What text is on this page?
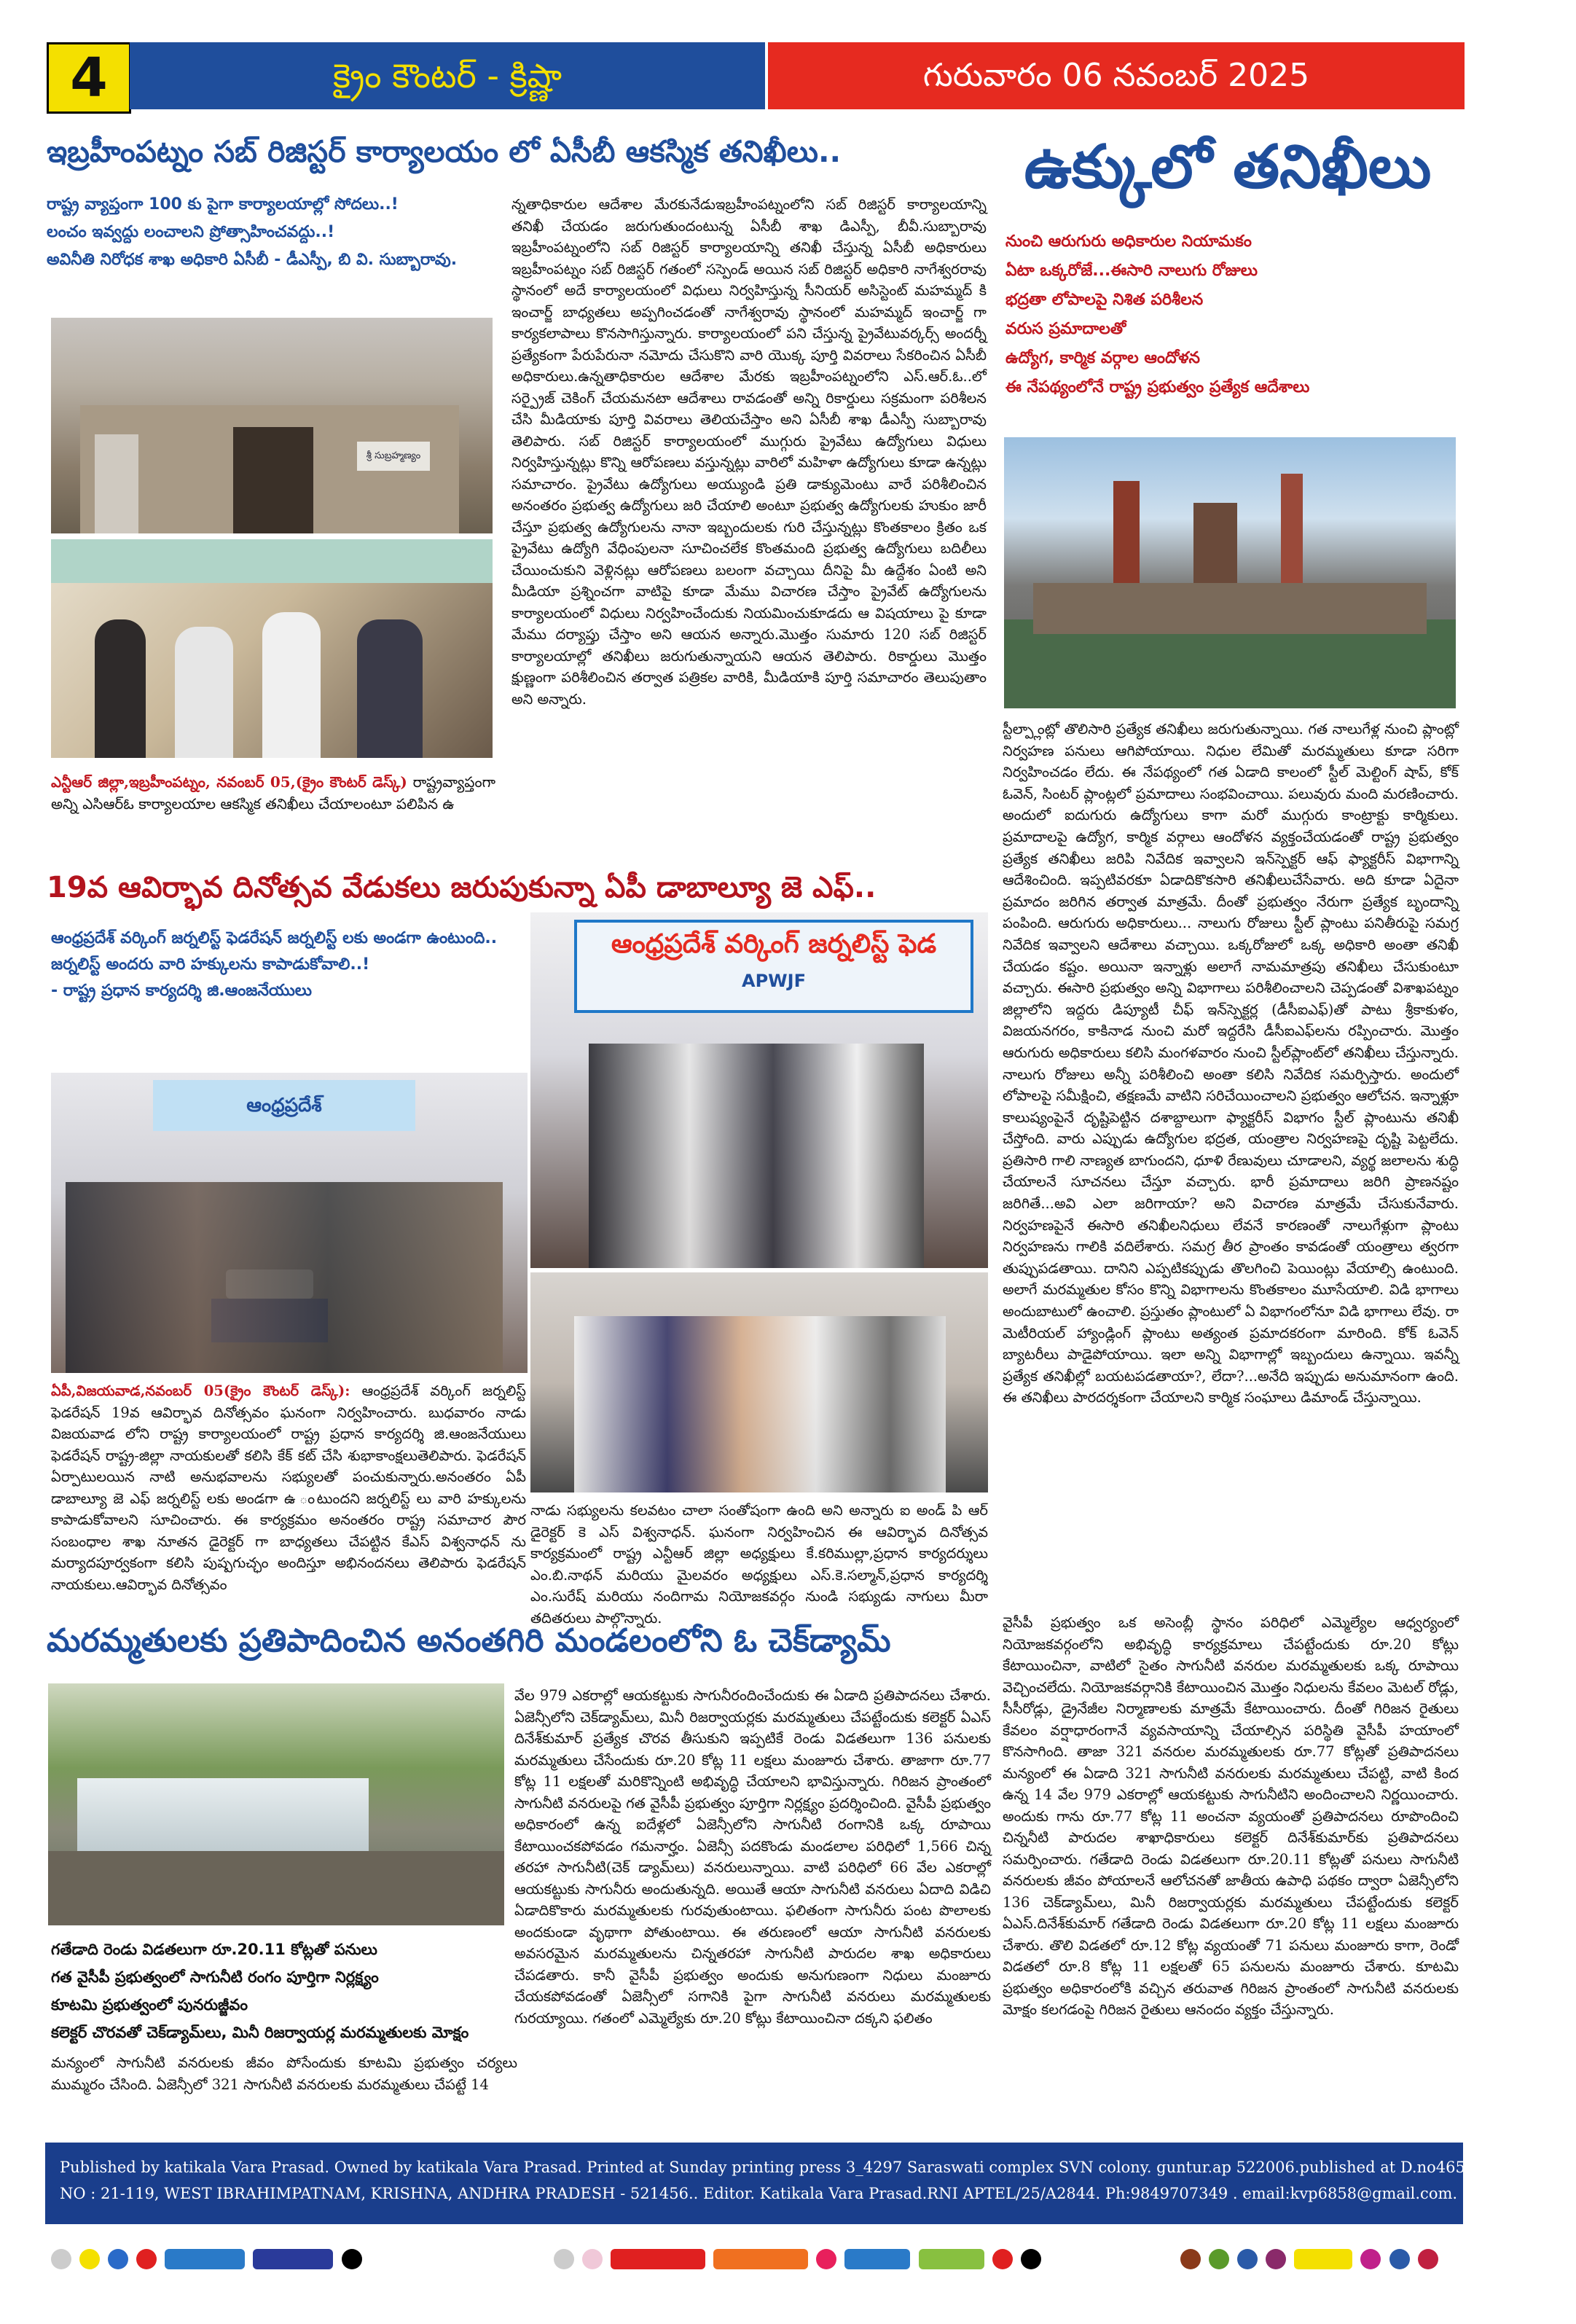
4	క్రైం కౌంటర్ - క్రిష్ణా	గురువారం 06 నవంబర్ 2025
ఇబ్రహీంపట్నం సబ్ రిజిస్టర్ కార్యాలయం లో ఏసీబీ ఆకస్మిక తనిఖీలు..
రాష్ట్ర వ్యాప్తంగా 100 కు పైగా కార్యాలయాల్లో సోదలు..!
లంచం ఇవ్వద్దు లంచాలని ప్రోత్సాహించవద్దు..!
అవినీతి నిరోధక శాఖ అధికారి ఏసీబీ - డీఎస్పీ, బి వి. సుబ్బారావు.
శ్రీ సుబ్రహ్మణ్యం
ఎన్టీఆర్ జిల్లా,ఇబ్రహీంపట్నం, నవంబర్ 05,(క్రైం కౌంటర్ డెస్క్) రాష్ట్రవ్యాప్తంగా అన్ని ఎసిఆర్ఓ కార్యాలయాల ఆకస్మిక తనిఖీలు చేయాలంటూ పలిపిన ఉ
న్నతాధికారుల ఆదేశాల మేరకునేడుఇబ్రహీంపట్నంలోని సబ్ రిజిస్టర్ కార్యాలయాన్ని తనిఖీ చేయడం జరుగుతుందంటున్న ఏసీబీ శాఖ డిఎస్పీ, బీవీ.సుబ్బారావు ఇబ్రహీంపట్నంలోని సబ్ రిజిస్టర్ కార్యాలయాన్ని తనిఖీ చేస్తున్న ఏసీబీ అధికారులు ఇబ్రహీంపట్నం సబ్ రిజిస్టర్ గతంలో సస్పెండ్ అయిన సబ్ రిజిస్టర్ అధికారి నాగేశ్వరరావు స్థానంలో అదే కార్యాలయంలో విధులు నిర్వహిస్తున్న సీనియర్ అసిస్టెంట్ మహమ్మద్ కి ఇంచార్జ్ బాధ్యతలు అప్పగించడంతో నాగేశ్వరావు స్థానంలో మహమ్మద్ ఇంచార్జ్ గా కార్యకలాపాలు కొనసాగిస్తున్నారు. కార్యాలయంలో పని చేస్తున్న ప్రైవేటువర్కర్స్ అందర్నీ ప్రత్యేకంగా పేరుపేరునా నమోదు చేసుకొని వారి యొక్క పూర్తి వివరాలు సేకరించిన ఏసీబీ అధికారులు.ఉన్నతాధికారుల ఆదేశాల మేరకు ఇబ్రహీంపట్నంలోని ఎస్.ఆర్.ఓ..లో సర్ప్రైజ్ చెకింగ్ చేయమనటా ఆదేశాలు రావడంతో అన్ని రికార్డులు సక్రమంగా పరిశీలన చేసి మీడియాకు పూర్తి వివరాలు తెలియచేస్తాం అని ఏసీబీ శాఖ డీఎస్పీ సుబ్బారావు తెలిపారు. సబ్ రిజిస్టర్ కార్యాలయంలో ముగ్గురు ప్రైవేటు ఉద్యోగులు విధులు నిర్వహిస్తున్నట్లు కొన్ని ఆరోపణలు వస్తున్నట్లు వారిలో మహిళా ఉద్యోగులు కూడా ఉన్నట్లు సమాచారం. ప్రైవేటు ఉద్యోగులు అయ్యుండి ప్రతి డాక్యుమెంటు వారే పరిశీలించిన అనంతరం ప్రభుత్వ ఉద్యోగులు జరి చేయాలి అంటూ ప్రభుత్వ ఉద్యోగులకు హుకుం జారీ చేస్తూ ప్రభుత్వ ఉద్యోగులను నానా ఇబ్బందులకు గురి చేస్తున్నట్లు కొంతకాలం క్రితం ఒక ప్రైవేటు ఉద్యోగి వేధింపులనా సూచించలేక కొంతమంది ప్రభుత్వ ఉద్యోగులు బదిలీలు చేయించుకుని వెళ్లినట్లు ఆరోపణలు బలంగా వచ్చాయి దీనిపై మీ ఉద్దేశం ఏంటి అని మీడియా ప్రశ్నించగా వాటిపై కూడా మేము విచారణ చేస్తాం ప్రైవేట్ ఉద్యోగులను కార్యాలయంలో విధులు నిర్వహించేందుకు నియమించుకూడదు ఆ విషయాలు పై కూడా మేము దర్యాప్తు చేస్తాం అని ఆయన అన్నారు.మొత్తం సుమారు 120 సబ్ రిజిస్టర్ కార్యాలయాల్లో తనిఖీలు జరుగుతున్నాయని ఆయన తెలిపారు. రికార్డులు మొత్తం క్షుణ్ణంగా పరిశీలించిన తర్వాత పత్రికల వారికి, మీడియాకి పూర్తి సమాచారం తెలుపుతాం అని అన్నారు.
ఉక్కులో తనిఖీలు
నుంచి ఆరుగురు అధికారుల నియామకం
ఏటా ఒక్కరోజే...ఈసారి నాలుగు రోజులు
భద్రతా లోపాలపై నిశిత పరిశీలన
వరుస ప్రమాదాలతో
ఉద్యోగ, కార్మిక వర్గాల ఆందోళన
ఈ నేపథ్యంలోనే రాష్ట్ర ప్రభుత్వం ప్రత్యేక ఆదేశాలు
స్టీల్ప్లాంట్లో తొలిసారి ప్రత్యేక తనిఖీలు జరుగుతున్నాయి. గత నాలుగేళ్ల నుంచి ప్లాంట్లో నిర్వహణ పనులు ఆగిపోయాయి. నిధుల లేమితో మరమ్మతులు కూడా సరిగా నిర్వహించడం లేదు. ఈ నేపథ్యంలో గత ఏడాది కాలంలో స్టీల్ మెల్టింగ్ షాప్, కోక్ ఓవెన్, సింటర్ ప్లాంట్లలో ప్రమాదాలు సంభవించాయి. పలువురు మంది మరణించారు. అందులో ఐదుగురు ఉద్యోగులు కాగా మరో ముగ్గురు కాంట్రాక్టు కార్మికులు. ప్రమాదాలపై ఉద్యోగ, కార్మిక వర్గాలు ఆందోళన వ్యక్తంచేయడంతో రాష్ట్ర ప్రభుత్వం ప్రత్యేక తనిఖీలు జరిపి నివేదిక ఇవ్వాలని ఇన్‌స్పెక్టర్ ఆఫ్ ఫ్యాక్టరీస్ విభాగాన్ని ఆదేశించింది. ఇప్పటివరకూ ఏడాదికొకసారి తనిఖీలుచేసేవారు. అది కూడా ఏదైనా ప్రమాదం జరిగిన తర్వాత మాత్రమే. దీంతో ప్రభుత్వం నేరుగా ప్రత్యేక బృందాన్ని పంపింది. ఆరుగురు అధికారులు... నాలుగు రోజులు స్టీల్ ప్లాంటు పనితీరుపై సమగ్ర నివేదిక ఇవ్వాలని ఆదేశాలు వచ్చాయి. ఒక్కరోజులో ఒక్క అధికారి అంతా తనిఖీ చేయడం కష్టం. అయినా ఇన్నాళ్లు అలాగే నామమాత్రపు తనిఖీలు చేసుకుంటూ వచ్చారు. ఈసారి ప్రభుత్వం అన్ని విభాగాలు పరిశీలించాలని చెప్పడంతో విశాఖపట్నం జిల్లాలోని ఇద్దరు డిప్యూటీ చీఫ్ ఇన్‌స్పెక్టర్ల (డీసీఐఎఫ్)తో పాటు శ్రీకాకుళం, విజయనగరం, కాకినాడ నుంచి మరో ఇద్దరేసి డీసీఐఎఫ్‌లను రప్పించారు. మొత్తం ఆరుగురు అధికారులు కలిసి మంగళవారం నుంచి స్టీల్‌ప్లాంట్‌లో తనిఖీలు చేస్తున్నారు. నాలుగు రోజులు అన్నీ పరిశీలించి అంతా కలిసి నివేదిక సమర్పిస్తారు. అందులో లోపాలపై సమీక్షించి, తక్షణమే వాటిని సరిచేయించాలని ప్రభుత్వం ఆలోచన. ఇన్నాళ్లూ కాలుష్యంపైనే దృష్టిపెట్టిన దశాబ్దాలుగా ఫ్యాక్టరీస్ విభాగం స్టీల్ ప్లాంటును తనిఖీ చేస్తోంది. వారు ఎప్పుడు ఉద్యోగుల భద్రత, యంత్రాల నిర్వహణపై దృష్టి పెట్టలేదు. ప్రతిసారి గాలి నాణ్యత బాగుందని, ధూళి రేణువులు చూడాలని, వ్యర్థ జలాలను శుద్ధి చేయాలనే సూచనలు చేస్తూ వచ్చారు. భారీ ప్రమాదాలు జరిగి ప్రాణనష్టం జరిగితే...అవి ఎలా జరిగాయా? అని విచారణ మాత్రమే చేసుకునేవారు. నిర్వహణపైనే ఈసారి తనిఖీలనిధులు లేవనే కారణంతో నాలుగేళ్లుగా ప్లాంటు నిర్వహణను గాలికి వదిలేశారు. సమగ్ర తీర ప్రాంతం కావడంతో యంత్రాలు త్వరగా తుప్పుపడతాయి. దానిని ఎప్పటికప్పుడు తొలగించి పెయింట్లు వేయాల్సి ఉంటుంది. అలాగే మరమ్మతుల కోసం కొన్ని విభాగాలను కొంతకాలం మూసేయాలి. విడి భాగాలు అందుబాటులో ఉంచాలి. ప్రస్తుతం ప్లాంటులో ఏ విభాగంలోనూ విడి భాగాలు లేవు. రా మెటీరియల్ హ్యాండ్లింగ్ ప్లాంటు అత్యంత ప్రమాదకరంగా మారింది. కోక్ ఓవెన్ బ్యాటరీలు పాడైపోయాయి. ఇలా అన్ని విభాగాల్లో ఇబ్బందులు ఉన్నాయి. ఇవన్నీ ప్రత్యేక తనిఖీల్లో బయటపడతాయా?, లేదా?...అనేది ఇప్పుడు అనుమానంగా ఉంది. ఈ తనిఖీలు పారదర్శకంగా చేయాలని కార్మిక సంఘాలు డిమాండ్ చేస్తున్నాయి.
19వ ఆవిర్భావ దినోత్సవ వేడుకలు జరుపుకున్నా ఏపీ డాబాల్యూ జె ఎఫ్..
ఆంధ్రప్రదేశ్ వర్కింగ్ జర్నలిస్ట్ ఫెడరేషన్ జర్నలిస్ట్ లకు అండగా ఉంటుంది..
జర్నలిస్ట్ అందరు వారి హక్కులను కాపాడుకోవాలి..!
- రాష్ట్ర ప్రధాన కార్యదర్శి జి.ఆంజనేయులు
ఆంధ్రప్రదేశ్
ఆంధ్రప్రదేశ్ వర్కింగ్ జర్నలిస్ట్ ఫెడ
APWJF
ఏపీ,విజయవాడ,నవంబర్ 05(క్రైం కౌంటర్ డెస్క్): ఆంధ్రప్రదేశ్ వర్కింగ్ జర్నలిస్ట్ ఫెడరేషన్ 19వ ఆవిర్భావ దినోత్సవం ఘనంగా నిర్వహించారు. బుధవారం నాడు విజయవాడ లోని రాష్ట్ర కార్యాలయంలో రాష్ట్ర ప్రధాన కార్యదర్శి జి.ఆంజనేయులు ఫెడరేషన్ రాష్ట్ర-జిల్లా నాయకులతో కలిసి కేక్ కట్ చేసి శుభాకాంక్షలుతెలిపారు. ఫెడరేషన్ ఏర్పాటులయిన నాటి అనుభవాలను సభ్యులతో పంచుకున్నారు.అనంతరం ఏపీ డాబాల్యూ జె ఎఫ్ జర్నలిస్ట్ లకు అండగా ఉ ంటుందని జర్నలిస్ట్ లు వారి హక్కులను కాపాడుకోవాలని సూచించారు. ఈ కార్యక్రమం అనంతరం రాష్ట్ర సమాచార పౌర సంబంధాల శాఖ నూతన డైరెక్టర్ గా బాధ్యతలు చేపట్టిన కేఎస్ విశ్వనాధన్ ను మర్యాదపూర్వకంగా కలిసి పుష్పగుచ్ఛం అందిస్తూ అభినందనలు తెలిపారు ఫెడరేషన్ నాయకులు.ఆవిర్భావ దినోత్సవం
నాడు సభ్యులను కలవటం చాలా సంతోషంగా ఉంది అని అన్నారు ఐ అండ్ పి ఆర్ డైరెక్టర్ కె ఎస్ విశ్వనాధన్. ఘనంగా నిర్వహించిన ఈ ఆవిర్భావ దినోత్సవ కార్యక్రమంలో రాష్ట్ర ఎన్టీఆర్ జిల్లా అధ్యక్షులు కే.కరిముల్లా,ప్రధాన కార్యదర్శులు ఎం.బి.నాథన్ మరియు మైలవరం అధ్యక్షులు ఎస్.కె.సల్మాన్,ప్రధాన కార్యదర్శి ఎం.సురేష్ మరియు నందిగామ నియోజకవర్గం నుండి సభ్యుడు నాగులు మీరా తదితరులు పాల్గొన్నారు.
మరమ్మతులకు ప్రతిపాదించిన అనంతగిరి మండలంలోని ఓ చెక్‌డ్యామ్
గతేడాది రెండు విడతలుగా రూ.20.11 కోట్లతో పనులు
గత వైసీపీ ప్రభుత్వంలో సాగునీటి రంగం పూర్తిగా నిర్లక్ష్యం
కూటమి ప్రభుత్వంలో పునరుజ్జీవం
కలెక్టర్ చొరవతో చెక్‌డ్యామ్‌లు, మినీ రిజర్వాయర్ల మరమ్మతులకు మోక్షం
మన్యంలో సాగునీటి వనరులకు జీవం పోసేందుకు కూటమి ప్రభుత్వం చర్యలు ముమ్మరం చేసింది. ఏజెన్సీలో 321 సాగునీటి వనరులకు మరమ్మతులు చేపట్టే 14
వేల 979 ఎకరాల్లో ఆయకట్టుకు సాగునీరందించేందుకు ఈ ఏడాది ప్రతిపాదనలు చేశారు. ఏజెన్సీలోని చెక్‌డ్యామ్‌లు, మినీ రిజర్వాయర్లకు మరమ్మతులు చేపట్టేందుకు కలెక్టర్ ఏఎస్ దినేశ్‌కుమార్ ప్రత్యేక చొరవ తీసుకుని ఇప్పటికే రెండు విడతలుగా 136 పనులకు మరమ్మతులు చేసేందుకు రూ.20 కోట్ల 11 లక్షలు మంజూరు చేశారు. తాజాగా రూ.77 కోట్ల 11 లక్షలతో మరికొన్నింటి అభివృద్ధి చేయాలని భావిస్తున్నారు. గిరిజన ప్రాంతంలో సాగునీటి వనరులపై గత వైసీపీ ప్రభుత్వం పూర్తిగా నిర్లక్ష్యం ప్రదర్శించింది. వైసీపీ ప్రభుత్వం అధికారంలో ఉన్న ఐదేళ్లలో ఏజెన్సీలోని సాగునీటి రంగానికి ఒక్క రూపాయి కేటాయించకపోవడం గమనార్హం. ఏజెన్సీ పదకొండు మండలాల పరిధిలో 1,566 చిన్న తరహా సాగునీటి(చెక్ డ్యామ్‌లు) వనరులున్నాయి. వాటి పరిధిలో 66 వేల ఎకరాల్లో ఆయకట్టుకు సాగునీరు అందుతున్నది. అయితే ఆయా సాగునీటి వనరులు ఏదాది విడిచి ఏడాదికొకారు మరమ్మతులకు గురవుతుంటాయి. ఫలితంగా సాగునీరు పంట పొలాలకు అందకుండా వృథాగా పోతుంటాయి. ఈ తరుణంలో ఆయా సాగునీటి వనరులకు అవసరమైన మరమ్మతులను చిన్నతరహా సాగునీటి పారుదల శాఖ అధికారులు చేపడతారు. కానీ వైసీపీ ప్రభుత్వం అందుకు అనుగుణంగా నిధులు మంజూరు చేయకపోవడంతో ఏజెన్సీలో సగానికి పైగా సాగునీటి వనరులు మరమ్మతులకు గురయ్యాయి. గతంలో ఎమ్మెల్యేకు రూ.20 కోట్లు కేటాయించినా దక్కని ఫలితం
వైసీపీ ప్రభుత్వం ఒక అసెంబ్లీ స్థానం పరిధిలో ఎమ్మెల్యేల ఆధ్వర్యంలో నియోజకవర్గంలోని అభివృద్ధి కార్యక్రమాలు చేపట్టేందుకు రూ.20 కోట్లు కేటాయించినా, వాటిలో సైతం సాగునీటి వనరుల మరమ్మతులకు ఒక్క రూపాయి వెచ్చించలేదు. నియోజకవర్గానికి కేటాయించిన మొత్తం నిధులను కేవలం మెటల్ రోడ్లు, సీసీరోడ్లు, డ్రైనేజీల నిర్మాణాలకు మాత్రమే కేటాయించారు. దీంతో గిరిజన రైతులు కేవలం వర్షాధారంగానే వ్యవసాయాన్ని చేయాల్సిన పరిస్థితి వైసీపీ హయాంలో కొనసాగింది. తాజా 321 వనరుల మరమ్మతులకు రూ.77 కోట్లతో ప్రతిపాదనలు మన్యంలో ఈ ఏడాది 321 సాగునీటి వనరులకు మరమ్మతులు చేపట్టి, వాటి కింద ఉన్న 14 వేల 979 ఎకరాల్లో ఆయకట్టుకు సాగునీటిని అందించాలని నిర్ణయించారు. అందుకు గాను రూ.77 కోట్ల 11 అంచనా వ్యయంతో ప్రతిపాదనలు రూపొందించి చిన్ననీటి పారుదల శాఖాధికారులు కలెక్టర్ దినేశ్‌కుమార్‌కు ప్రతిపాదనలు సమర్పించారు. గతేడాది రెండు విడతలుగా రూ.20.11 కోట్లతో పనులు సాగునీటి వనరులకు జీవం పోయాలనే ఆలోచనతో జాతీయ ఉపాధి పథకం ద్వారా ఏజెన్సీలోని 136 చెక్‌డ్యామ్‌లు, మినీ రిజర్వాయర్లకు మరమ్మతులు చేపట్టేందుకు కలెక్టర్ ఏఎస్.దినేశ్‌కుమార్ గతేడాది రెండు విడతలుగా రూ.20 కోట్ల 11 లక్షలు మంజూరు చేశారు. తొలి విడతలో రూ.12 కోట్ల వ్యయంతో 71 పనులు మంజూరు కాగా, రెండో విడతలో రూ.8 కోట్ల 11 లక్షలతో 65 పనులను మంజూరు చేశారు. కూటమి ప్రభుత్వం అధికారంలోకి వచ్చిన తరువాత గిరిజన ప్రాంతంలో సాగునీటి వనరులకు మోక్షం కలగడంపై గిరిజన రైతులు ఆనందం వ్యక్తం చేస్తున్నారు.
Published by katikala Vara Prasad. Owned by katikala Vara Prasad. Printed at Sunday printing press 3_4297 Saraswati complex SVN colony. guntur.ap 522006.published at D.no465 Le out no2 .H
NO : 21-119, WEST IBRAHIMPATNAM, KRISHNA, ANDHRA PRADESH - 521456.. Editor. Katikala Vara Prasad.RNI APTEL/25/A2844. Ph:9849707349 . email:kvp6858@gmail.com.
